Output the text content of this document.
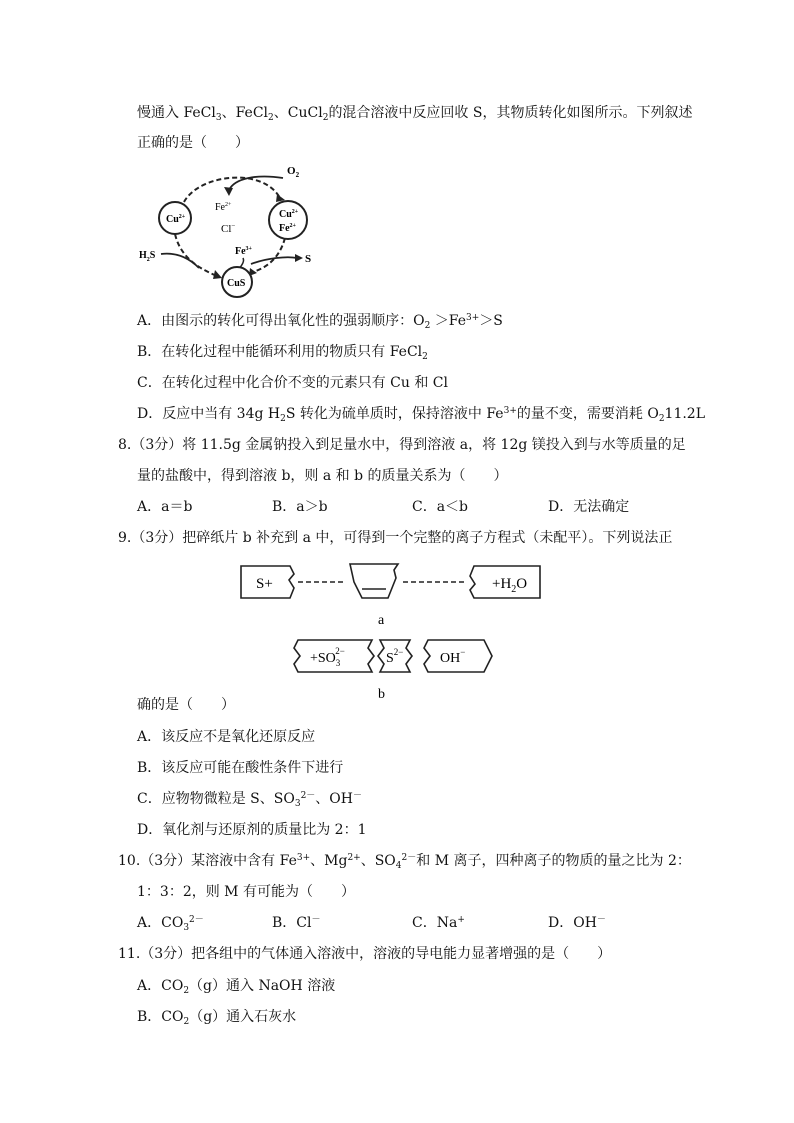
慢通入 FeCl$_3$、FeCl$_2$、CuCl$_2$的混合溶液中反应回收 S，其物质转化如图所示。下列叙述
正确的是（　　）
$O_2$
$Cu^{2+}$
$Fe^{2+}$
Cl−
$Cu^{2+}$
$Fe^{2+}$
$Fe^{3+}$
S
$H_2S$
CuS
A．由图示的转化可得出氧化性的强弱顺序：$O_2 >Fe^{3+}>S$
B．在转化过程中能循环利用的物质只有 FeCl$_2$
C．在转化过程中化合价不变的元素只有 Cu 和 Cl
D．反应中当有 34g $H_2S$ 转化为硫单质时，保持溶液中 $Fe^{3+}$的量不变，需要消耗 $O_211.2L$
8.（3分）将 11.5g 金属钠投入到足量水中，得到溶液 a，将 12g 镁投入到与水等质量的足
量的盐酸中，得到溶液 b，则 a 和 b 的质量关系为（　　）
A．a＝b	B．a＞b	C．a＜b	D．无法确定
9.（3分）把碎纸片 b 补充到 a 中，可得到一个完整的离子方程式（未配平）。下列说法正
S+	$+H_2O$
a
$+SO_32-$	$S^{2-}$	OH−
b
确的是（　　）
A．该反应不是氧化还原反应
B．该反应可能在酸性条件下进行
C．应物物微粒是 S、$SO_3^{2-}$、OH－
D．氧化剂与还原剂的质量比为 2：1
10.（3分）某溶液中含有 $Fe^{3+}$、$Mg^{2+}$、$SO_4^{2-}$和 M 离子，四种离子的物质的量之比为 2：
1：3：2，则 M 有可能为（　　）
A．$CO_3^{2-}$	B．Cl－	C．Na+	D．OH－
11.（3分）把各组中的气体通入溶液中，溶液的导电能力显著增强的是（　　）
A．$CO_2(g)$通入 NaOH 溶液
B．$CO_2(g)$通入石灰水
